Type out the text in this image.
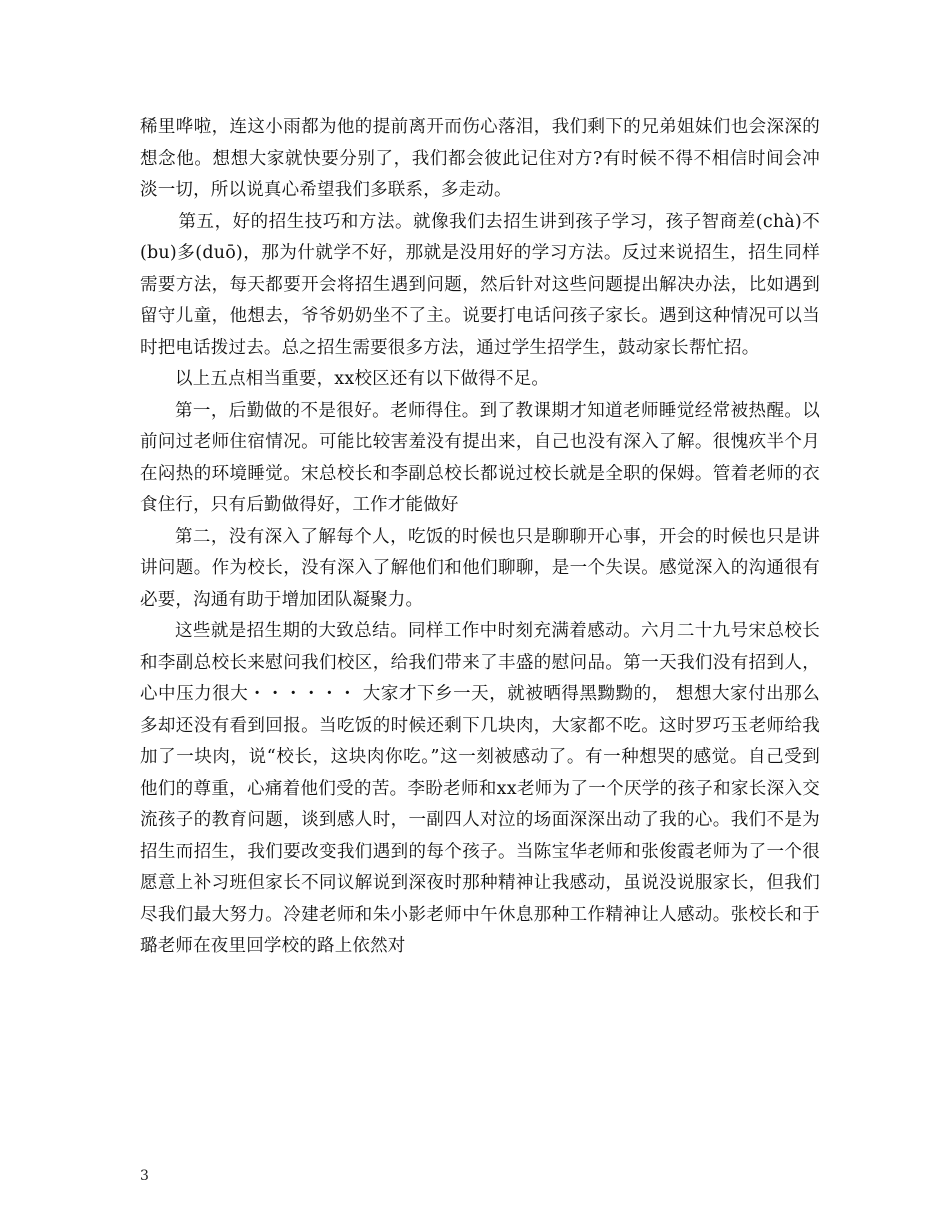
稀里哗啦，连这小雨都为他的提前离开而伤心落泪，我们剩下的兄弟姐妹们也会深深的想念他。想想大家就快要分别了，我们都会彼此记住对方?有时候不得不相信时间会冲淡一切，所以说真心希望我们多联系，多走动。

第五，好的招生技巧和方法。就像我们去招生讲到孩子学习，孩子智商差(chà)不(bu)多(duō)，那为什就学不好，那就是没用好的学习方法。反过来说招生，招生同样需要方法，每天都要开会将招生遇到问题，然后针对这些问题提出解决办法，比如遇到留守儿童，他想去，爷爷奶奶坐不了主。说要打电话问孩子家长。遇到这种情况可以当时把电话拨过去。总之招生需要很多方法，通过学生招学生，鼓动家长帮忙招。

以上五点相当重要，xx校区还有以下做得不足。

第一，后勤做的不是很好。老师得住。到了教课期才知道老师睡觉经常被热醒。以前问过老师住宿情况。可能比较害羞没有提出来，自己也没有深入了解。很愧疚半个月在闷热的环境睡觉。宋总校长和李副总校长都说过校长就是全职的保姆。管着老师的衣食住行，只有后勤做得好，工作才能做好

第二，没有深入了解每个人，吃饭的时候也只是聊聊开心事，开会的时候也只是讲讲问题。作为校长，没有深入了解他们和他们聊聊，是一个失误。感觉深入的沟通很有必要，沟通有助于增加团队凝聚力。

这些就是招生期的大致总结。同样工作中时刻充满着感动。六月二十九号宋总校长和李副总校长来慰问我们校区，给我们带来了丰盛的慰问品。第一天我们没有招到人，心中压力很大・・・・・・ 大家才下乡一天，就被晒得黑黝黝的， 想想大家付出那么多却还没有看到回报。当吃饭的时候还剩下几块肉，大家都不吃。这时罗巧玉老师给我加了一块肉，说“校长，这块肉你吃。”这一刻被感动了。有一种想哭的感觉。自己受到他们的尊重，心痛着他们受的苦。李盼老师和xx老师为了一个厌学的孩子和家长深入交流孩子的教育问题，谈到感人时，一副四人对泣的场面深深出动了我的心。我们不是为招生而招生，我们要改变我们遇到的每个孩子。当陈宝华老师和张俊霞老师为了一个很愿意上补习班但家长不同议解说到深夜时那种精神让我感动，虽说没说服家长，但我们尽我们最大努力。冷建老师和朱小影老师中午休息那种工作精神让人感动。张校长和于璐老师在夜里回学校的路上依然对

3
